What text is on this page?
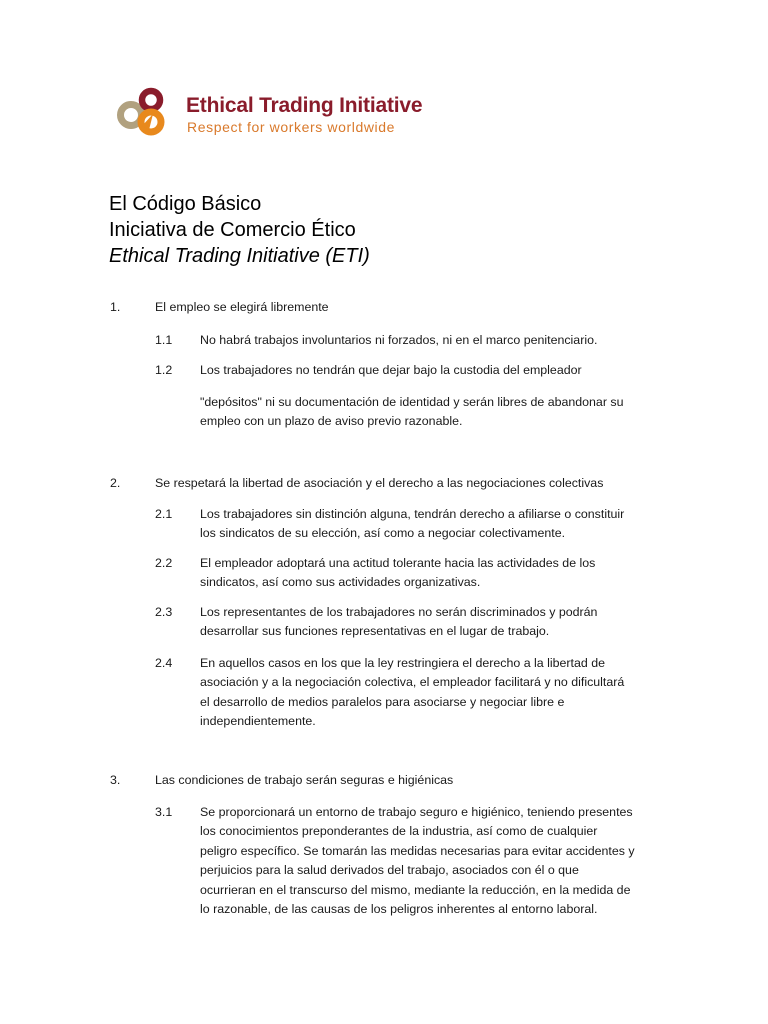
Ethical Trading Initiative
Respect for workers worldwide
El Código Básico
Iniciativa de Comercio Ético
Ethical Trading Initiative (ETI)
1.	El empleo se elegirá libremente
1.1 No habrá trabajos involuntarios ni forzados, ni en el marco penitenciario.
1.2 Los trabajadores no tendrán que dejar bajo la custodia del empleador
"depósitos" ni su documentación de identidad y serán libres de abandonar su
empleo con un plazo de aviso previo razonable.
2.	Se respetará la libertad de asociación y el derecho a las negociaciones colectivas
2.1 Los trabajadores sin distinción alguna, tendrán derecho a afiliarse o constituir
los sindicatos de su elección, así como a negociar colectivamente.
2.2 El empleador adoptará una actitud tolerante hacia las actividades de los
sindicatos, así como sus actividades organizativas.
2.3 Los representantes de los trabajadores no serán discriminados y podrán
desarrollar sus funciones representativas en el lugar de trabajo.
2.4 En aquellos casos en los que la ley restringiera el derecho a la libertad de
asociación y a la negociación colectiva, el empleador facilitará y no dificultará
el desarrollo de medios paralelos para asociarse y negociar libre e
independientemente.
3.	Las condiciones de trabajo serán seguras e higiénicas
3.1 Se proporcionará un entorno de trabajo seguro e higiénico, teniendo presentes
los conocimientos preponderantes de la industria, así como de cualquier
peligro específico. Se tomarán las medidas necesarias para evitar accidentes y
perjuicios para la salud derivados del trabajo, asociados con él o que
ocurrieran en el transcurso del mismo, mediante la reducción, en la medida de
lo razonable, de las causas de los peligros inherentes al entorno laboral.
